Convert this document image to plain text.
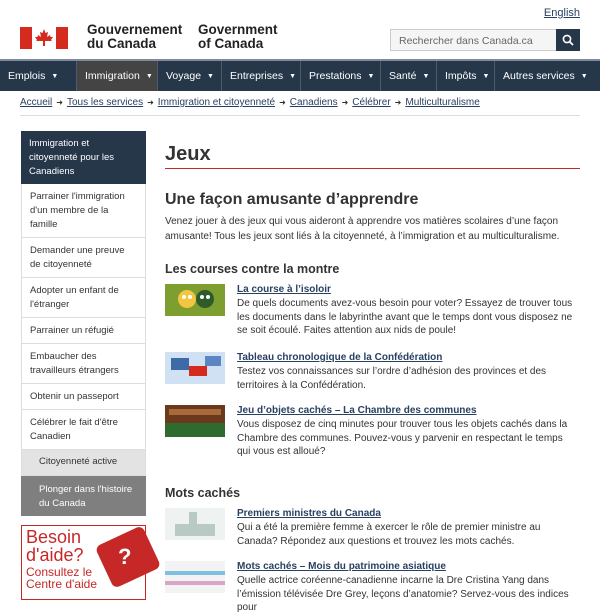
English
Gouvernement
du Canada
Government
of Canada	Rechercher dans Canada.ca
Emplois ▼	Immigration ▼ Voyage ▼ Entreprises ▼ Prestations ▼ Santé ▼ Impôts ▼ Autres services ▼
Accueil ➜ Tous les services ➜ Immigration et citoyenneté ➜ Canadiens ➜ Célébrer ➜ Multiculturalisme
Immigration et citoyenneté pour les Canadiens
Parrainer l'immigration d'un membre de la famille
Demander une preuve de citoyenneté
Adopter un enfant de l'étranger
Parrainer un réfugié
Embaucher des travailleurs étrangers
Obtenir un passeport
Célébrer le fait d'être Canadien
Citoyenneté active
Plonger dans l'histoire du Canada
Besoin
d'aide? ?
Consultez le
Centre d'aide
Jeux
Une façon amusante d’apprendre
Venez jouer à des jeux qui vous aideront à apprendre vos matières scolaires d’une façon amusante! Tous les jeux sont liés à la citoyenneté, à l’immigration et au multiculturalisme.
Les courses contre la montre
La course à l’isoloir
De quels documents avez-vous besoin pour voter? Essayez de trouver tous les documents dans le labyrinthe avant que le temps dont vous disposez ne se soit écoulé. Faites attention aux nids de poule!
Tableau chronologique de la Confédération
Testez vos connaissances sur l’ordre d’adhésion des provinces et des territoires à la Confédération.
Jeu d’objets cachés – La Chambre des communes
Vous disposez de cinq minutes pour trouver tous les objets cachés dans la Chambre des communes. Pouvez-vous y parvenir en respectant le temps qui vous est alloué?
Mots cachés
Premiers ministres du Canada
Qui a été la première femme à exercer le rôle de premier ministre au Canada? Répondez aux questions et trouvez les mots cachés.
Mots cachés – Mois du patrimoine asiatique
Quelle actrice coréenne-canadienne incarne la Dre Cristina Yang dans l’émission télévisée Dre Grey, leçons d’anatomie? Servez-vous des indices pour
